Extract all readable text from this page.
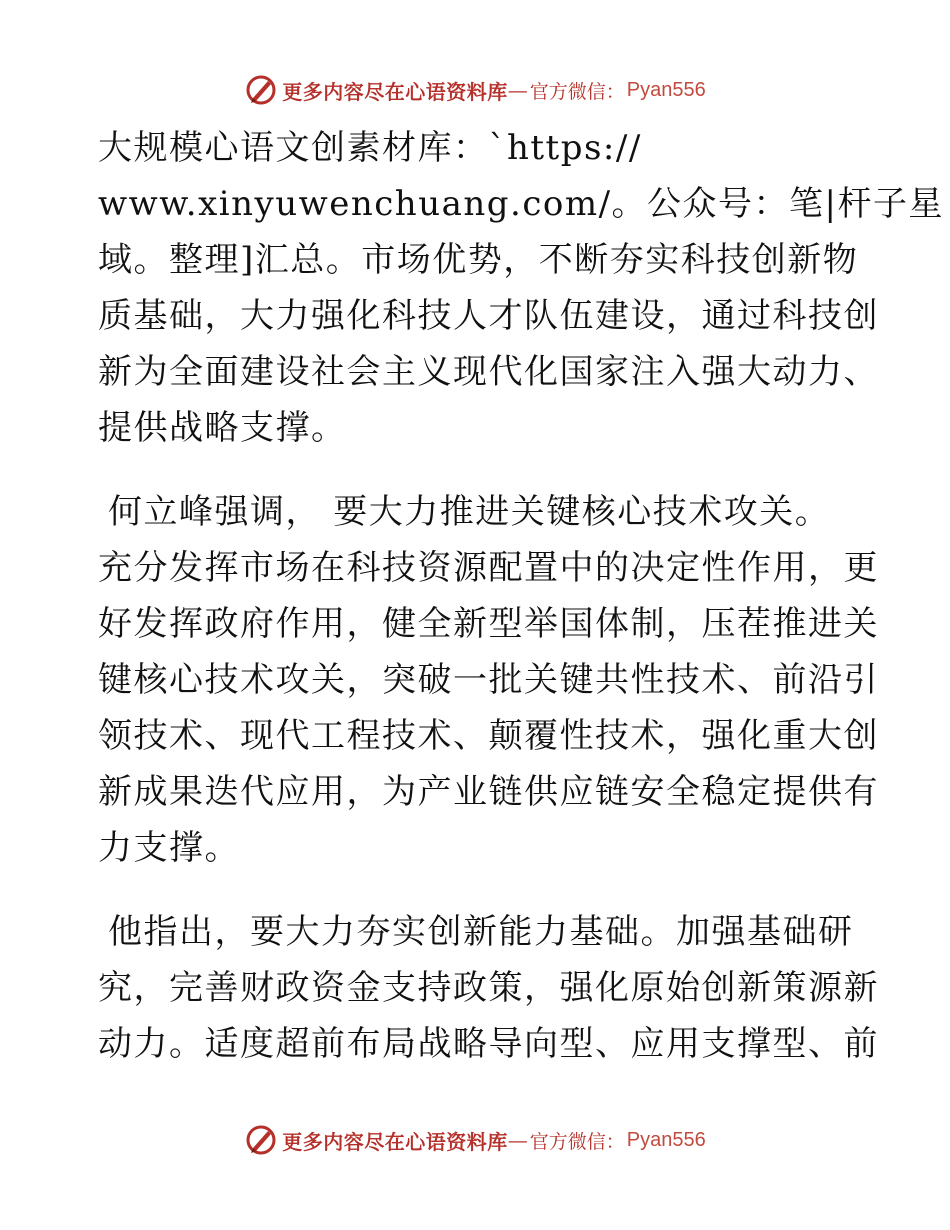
更多内容尽在心语资料库 — 官方微信： Pyan556
大规模心语文创素材库：`https://
www.xinyuwenchuang.com/。公众号：笔|杆子星
域。整理]汇总。市场优势，不断夯实科技创新物
质基础，大力强化科技人才队伍建设，通过科技创
新为全面建设社会主义现代化国家注入强大动力、
提供战略支撑。
何立峰强调， 要大力推进关键核心技术攻关。
充分发挥市场在科技资源配置中的决定性作用，更
好发挥政府作用，健全新型举国体制，压茬推进关
键核心技术攻关，突破一批关键共性技术、前沿引
领技术、现代工程技术、颠覆性技术，强化重大创
新成果迭代应用，为产业链供应链安全稳定提供有
力支撑。
他指出，要大力夯实创新能力基础。加强基础研
究，完善财政资金支持政策，强化原始创新策源新
动力。适度超前布局战略导向型、应用支撑型、前
更多内容尽在心语资料库 — 官方微信： Pyan556
